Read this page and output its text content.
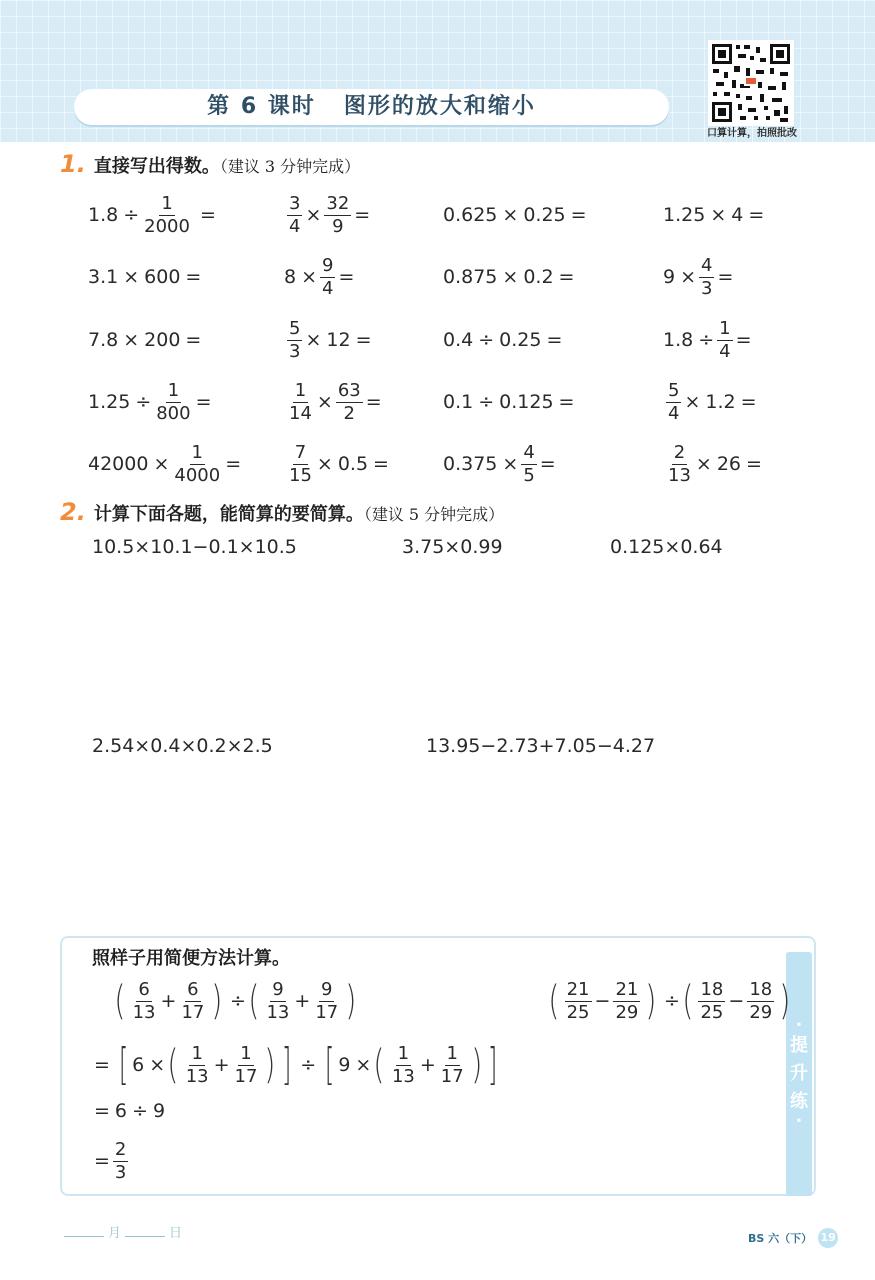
第 6 课时 图形的放大和缩小
口算计算，拍照批改
1. 直接写出得数。（建议 3 分钟完成）
$1.8 \div \frac{1}{2000}$ =	$\frac{3}{4} \times \frac{32}{9}$ =	0.625 × 0.25 =	1.25 × 4 =
3.1 × 600 =	$8 \times \frac{9}{4}$ =	0.875 × 0.2 =	$9 \times \frac{4}{3}$ =
7.8 × 200 =	$\frac{5}{3} \times 12$ =	0.4 ÷ 0.25 =	$1.8 \div \frac{1}{4}$ =
$1.25 \div \frac{1}{800}$ =	$\frac{1}{14} \times \frac{63}{2}$ =	0.1 ÷ 0.125 =	$\frac{5}{4} \times 1.2$ =
$42000 \times \frac{1}{4000}$ =	$\frac{7}{15} \times 0.5$ =	$0.375 \times \frac{4}{5}$ =	$\frac{2}{13} \times 26$ =
2. 计算下面各题，能简算的要简算。（建议 5 分钟完成）
10.5×10.1−0.1×10.5	3.75×0.99	0.125×0.64
2.54×0.4×0.2×2.5	13.95−2.73+7.05−4.27
•
提
升
练
•
照样子用简便方法计算。
( $\frac{6}{13} + \frac{6}{17}$ ) ÷ ( $\frac{9}{13} + \frac{9}{17}$ )	( $\frac{21}{25} - \frac{21}{29}$ ) ÷ ( $\frac{18}{25} - \frac{18}{29}$ )
= [ 6 × ( $\frac{1}{13} + \frac{1}{17}$ ) ] ÷ [ 9 × ( $\frac{1}{13} + \frac{1}{17}$ ) ]
= 6 ÷ 9
= $\frac{2}{3}$
月	日	BS 六（下） 19
